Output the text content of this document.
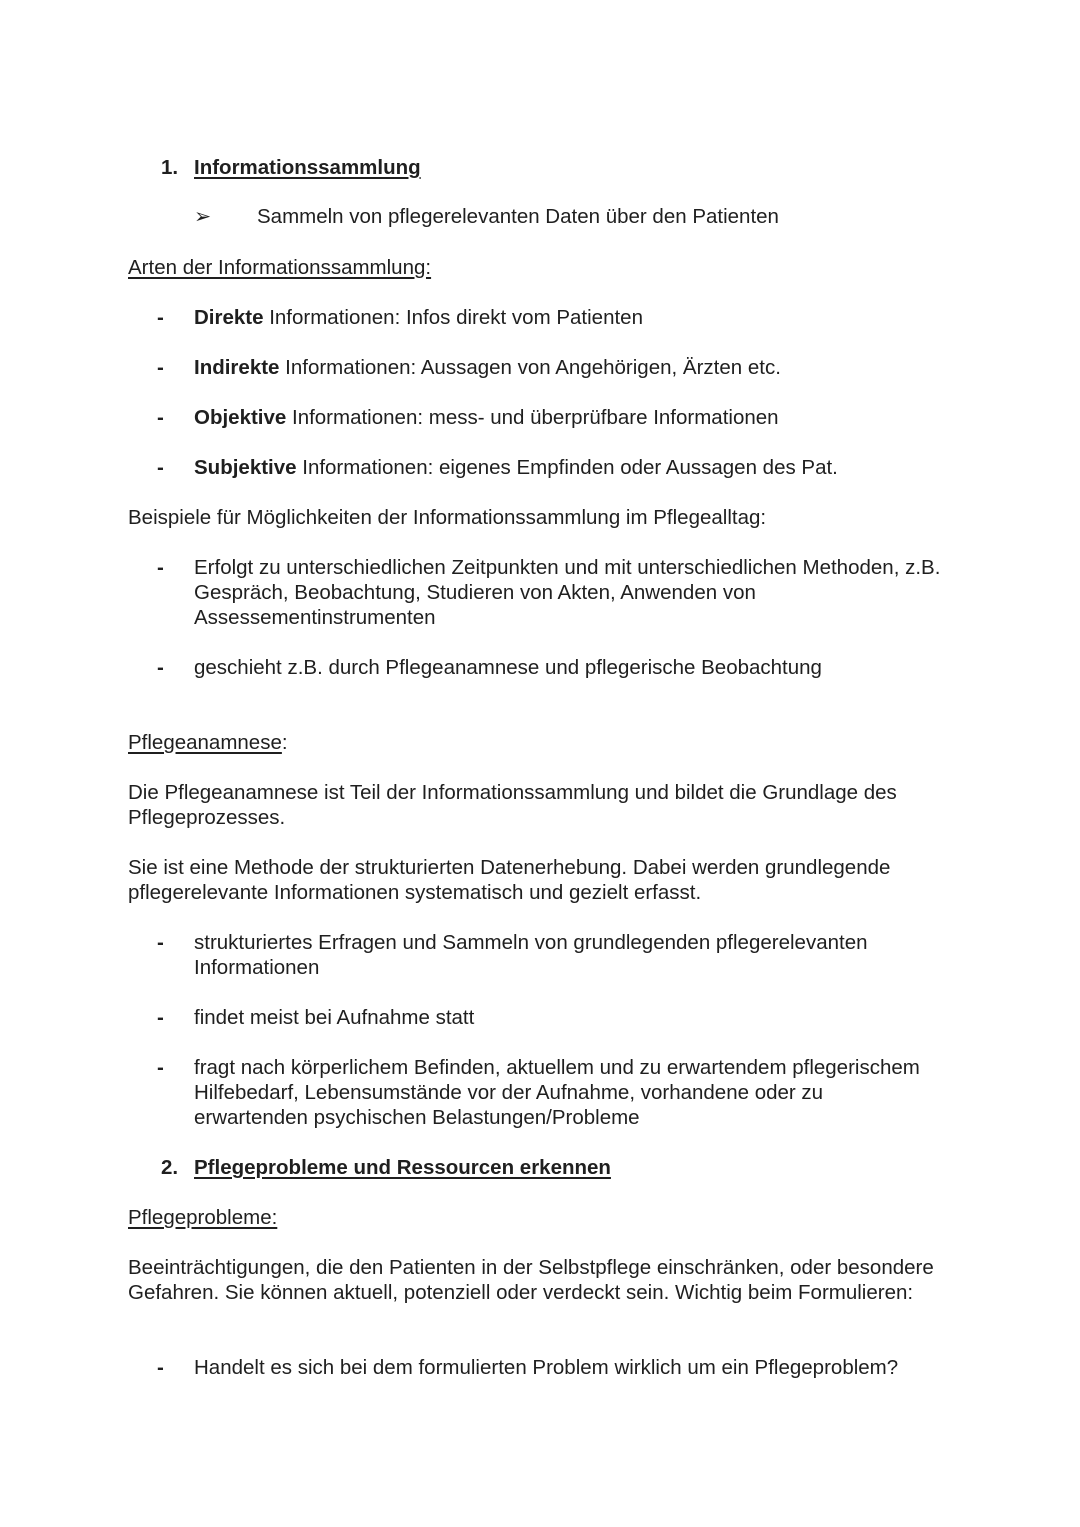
1. Informationssammlung
➢ Sammeln von pflegerelevanten Daten über den Patienten
Arten der Informationssammlung:
- Direkte Informationen: Infos direkt vom Patienten
- Indirekte Informationen: Aussagen von Angehörigen, Ärzten etc.
- Objektive Informationen: mess- und überprüfbare Informationen
- Subjektive Informationen: eigenes Empfinden oder Aussagen des Pat.
Beispiele für Möglichkeiten der Informationssammlung im Pflegealltag:
- Erfolgt zu unterschiedlichen Zeitpunkten und mit unterschiedlichen Methoden, z.B. Gespräch, Beobachtung, Studieren von Akten, Anwenden von Assessementinstrumenten
- geschieht z.B. durch Pflegeanamnese und pflegerische Beobachtung
Pflegeanamnese:
Die Pflegeanamnese ist Teil der Informationssammlung und bildet die Grundlage des Pflegeprozesses.
Sie ist eine Methode der strukturierten Datenerhebung. Dabei werden grundlegende pflegerelevante Informationen systematisch und gezielt erfasst.
- strukturiertes Erfragen und Sammeln von grundlegenden pflegerelevanten Informationen
- findet meist bei Aufnahme statt
- fragt nach körperlichem Befinden, aktuellem und zu erwartendem pflegerischem Hilfebedarf, Lebensumstände vor der Aufnahme, vorhandene oder zu erwartenden psychischen Belastungen/Probleme
2. Pflegeprobleme und Ressourcen erkennen
Pflegeprobleme:
Beeinträchtigungen, die den Patienten in der Selbstpflege einschränken, oder besondere Gefahren. Sie können aktuell, potenziell oder verdeckt sein. Wichtig beim Formulieren:
- Handelt es sich bei dem formulierten Problem wirklich um ein Pflegeproblem?
